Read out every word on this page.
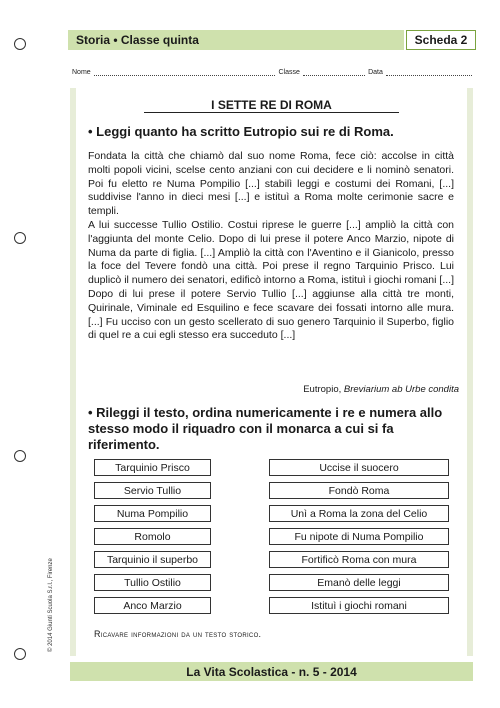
Storia • Classe quinta	Scheda 2
Nome	Classe	Data
I SETTE RE DI ROMA
• Leggi quanto ha scritto Eutropio sui re di Roma.
Fondata la città che chiamò dal suo nome Roma, fece ciò: accolse in città molti popoli vicini, scelse cento anziani con cui decidere e li nominò senatori. Poi fu eletto re Numa Pompilio [...] stabilì leggi e costumi dei Romani, [...] suddivise l'anno in dieci mesi [...] e istituì a Roma molte cerimonie sacre e templi.
A lui successe Tullio Ostilio. Costui riprese le guerre [...] ampliò la città con l'aggiunta del monte Celio. Dopo di lui prese il potere Anco Marzio, nipote di Numa da parte di figlia. [...] Ampliò la città con l'Aventino e il Gianicolo, presso la foce del Tevere fondò una città. Poi prese il regno Tarquinio Prisco. Lui duplicò il numero dei senatori, edificò intorno a Roma, istituì i giochi romani [...] Dopo di lui prese il potere Servio Tullio [...] aggiunse alla città tre monti, Quirinale, Viminale ed Esquilino e fece scavare dei fossati intorno alle mura. [...] Fu ucciso con un gesto scellerato di suo genero Tarquinio il Superbo, figlio di quel re a cui egli stesso era succeduto [...]
Eutropio, Breviarium ab Urbe condita
• Rileggi il testo, ordina numericamente i re e numera allo stesso modo il riquadro con il monarca a cui si fa riferimento.
Tarquinio Prisco	Uccise il suocero
Servio Tullio	Fondò Roma
Numa Pompilio	Unì a Roma la zona del Celio
Romolo	Fu nipote di Numa Pompilio
Tarquinio il superbo	Fortificò Roma con mura
Tullio Ostilio	Emanò delle leggi
Anco Marzio	Istituì i giochi romani
Ricavare informazioni da un testo storico.
© 2014 Giunti Scuola S.r.l., Firenze
La Vita Scolastica - n. 5 - 2014
